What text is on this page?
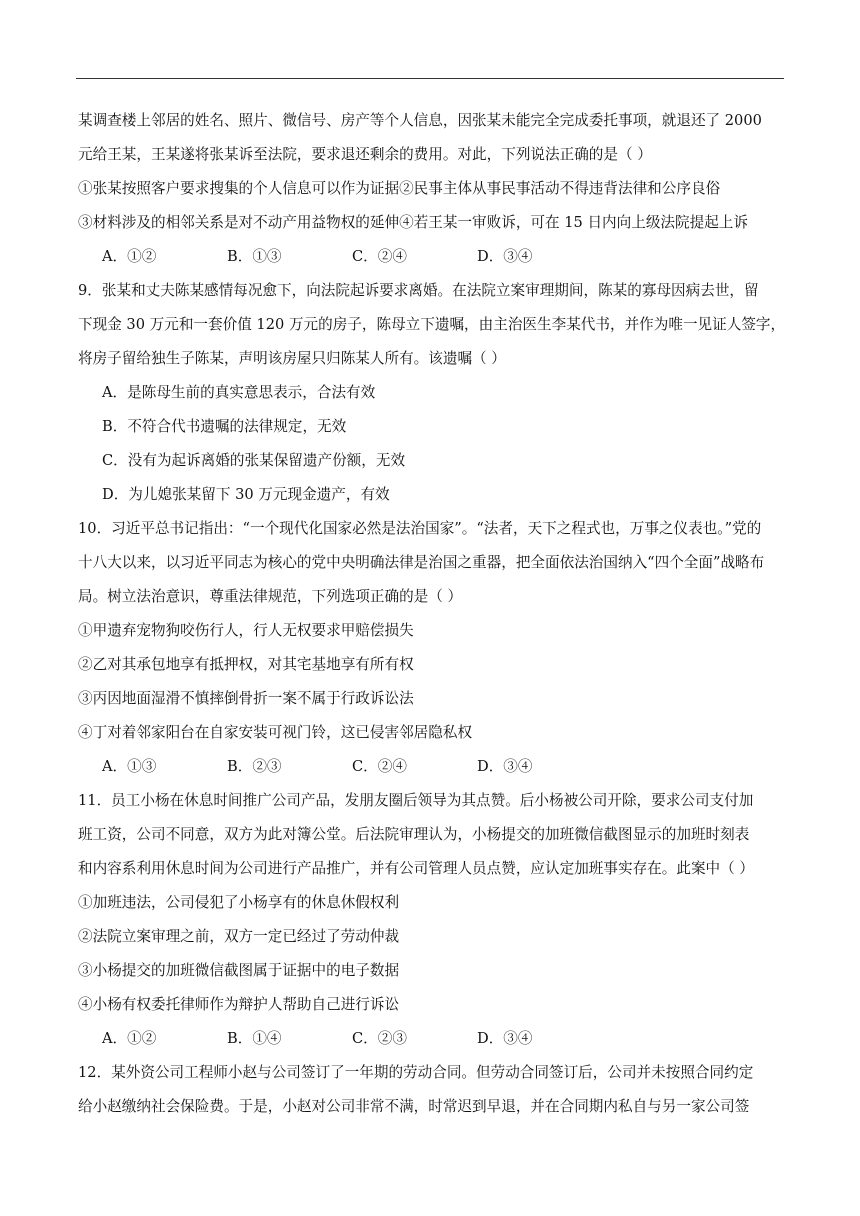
某调查楼上邻居的姓名、照片、微信号、房产等个人信息，因张某未能完全完成委托事项，就退还了 2000
元给王某，王某遂将张某诉至法院，要求退还剩余的费用。对此，下列说法正确的是（ ）
①张某按照客户要求搜集的个人信息可以作为证据②民事主体从事民事活动不得违背法律和公序良俗
③材料涉及的相邻关系是对不动产用益物权的延伸④若王某一审败诉，可在 15 日内向上级法院提起上诉
A．①②	B．①③	C．②④	D．③④
9．张某和丈夫陈某感情每况愈下，向法院起诉要求离婚。在法院立案审理期间，陈某的寡母因病去世，留
下现金 30 万元和一套价值 120 万元的房子，陈母立下遗嘱，由主治医生李某代书，并作为唯一见证人签字，
将房子留给独生子陈某，声明该房屋只归陈某人所有。该遗嘱（ ）
A．是陈母生前的真实意思表示，合法有效
B．不符合代书遗嘱的法律规定，无效
C．没有为起诉离婚的张某保留遗产份额，无效
D．为儿媳张某留下 30 万元现金遗产，有效
10．习近平总书记指出：“一个现代化国家必然是法治国家”。“法者，天下之程式也，万事之仪表也。”党的
十八大以来，以习近平同志为核心的党中央明确法律是治国之重器，把全面依法治国纳入“四个全面”战略布
局。树立法治意识，尊重法律规范，下列选项正确的是（ ）
①甲遗弃宠物狗咬伤行人，行人无权要求甲赔偿损失
②乙对其承包地享有抵押权，对其宅基地享有所有权
③丙因地面湿滑不慎摔倒骨折一案不属于行政诉讼法
④丁对着邻家阳台在自家安装可视门铃，这已侵害邻居隐私权
A．①③	B．②③	C．②④	D．③④
11．员工小杨在休息时间推广公司产品，发朋友圈后领导为其点赞。后小杨被公司开除，要求公司支付加
班工资，公司不同意，双方为此对簿公堂。后法院审理认为，小杨提交的加班微信截图显示的加班时刻表
和内容系利用休息时间为公司进行产品推广，并有公司管理人员点赞，应认定加班事实存在。此案中（ ）
①加班违法，公司侵犯了小杨享有的休息休假权利
②法院立案审理之前，双方一定已经过了劳动仲裁
③小杨提交的加班微信截图属于证据中的电子数据
④小杨有权委托律师作为辩护人帮助自己进行诉讼
A．①②	B．①④	C．②③	D．③④
12．某外资公司工程师小赵与公司签订了一年期的劳动合同。但劳动合同签订后，公司并未按照合同约定
给小赵缴纳社会保险费。于是，小赵对公司非常不满，时常迟到早退，并在合同期内私自与另一家公司签
